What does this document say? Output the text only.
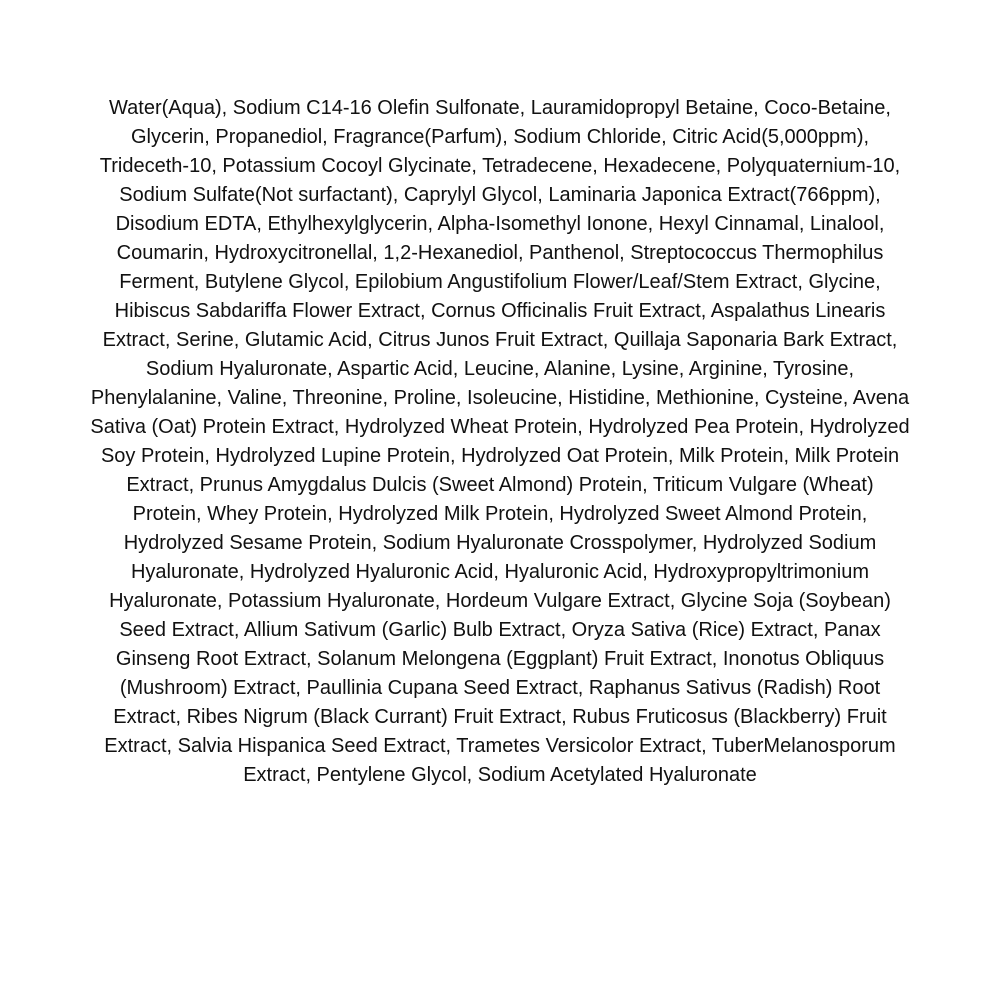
Water(Aqua), Sodium C14-16 Olefin Sulfonate, Lauramidopropyl Betaine, Coco-Betaine, Glycerin, Propanediol, Fragrance(Parfum), Sodium Chloride, Citric Acid(5,000ppm), Trideceth-10, Potassium Cocoyl Glycinate, Tetradecene, Hexadecene, Polyquaternium-10, Sodium Sulfate(Not surfactant), Caprylyl Glycol, Laminaria Japonica Extract(766ppm), Disodium EDTA, Ethylhexylglycerin, Alpha-Isomethyl Ionone, Hexyl Cinnamal, Linalool, Coumarin, Hydroxycitronellal, 1,2-Hexanediol, Panthenol, Streptococcus Thermophilus Ferment, Butylene Glycol, Epilobium Angustifolium Flower/Leaf/Stem Extract, Glycine, Hibiscus Sabdariffa Flower Extract, Cornus Officinalis Fruit Extract, Aspalathus Linearis Extract, Serine, Glutamic Acid, Citrus Junos Fruit Extract, Quillaja Saponaria Bark Extract, Sodium Hyaluronate, Aspartic Acid, Leucine, Alanine, Lysine, Arginine, Tyrosine, Phenylalanine, Valine, Threonine, Proline, Isoleucine, Histidine, Methionine, Cysteine, Avena Sativa (Oat) Protein Extract, Hydrolyzed Wheat Protein, Hydrolyzed Pea Protein, Hydrolyzed Soy Protein, Hydrolyzed Lupine Protein, Hydrolyzed Oat Protein, Milk Protein, Milk Protein Extract, Prunus Amygdalus Dulcis (Sweet Almond) Protein, Triticum Vulgare (Wheat) Protein, Whey Protein, Hydrolyzed Milk Protein, Hydrolyzed Sweet Almond Protein, Hydrolyzed Sesame Protein, Sodium Hyaluronate Crosspolymer, Hydrolyzed Sodium Hyaluronate, Hydrolyzed Hyaluronic Acid, Hyaluronic Acid, Hydroxypropyltrimonium Hyaluronate, Potassium Hyaluronate, Hordeum Vulgare Extract, Glycine Soja (Soybean) Seed Extract, Allium Sativum (Garlic) Bulb Extract, Oryza Sativa (Rice) Extract, Panax Ginseng Root Extract, Solanum Melongena (Eggplant) Fruit Extract, Inonotus Obliquus (Mushroom) Extract, Paullinia Cupana Seed Extract, Raphanus Sativus (Radish) Root Extract, Ribes Nigrum (Black Currant) Fruit Extract, Rubus Fruticosus (Blackberry) Fruit Extract, Salvia Hispanica Seed Extract, Trametes Versicolor Extract, TuberMelanosporum Extract, Pentylene Glycol, Sodium Acetylated Hyaluronate
